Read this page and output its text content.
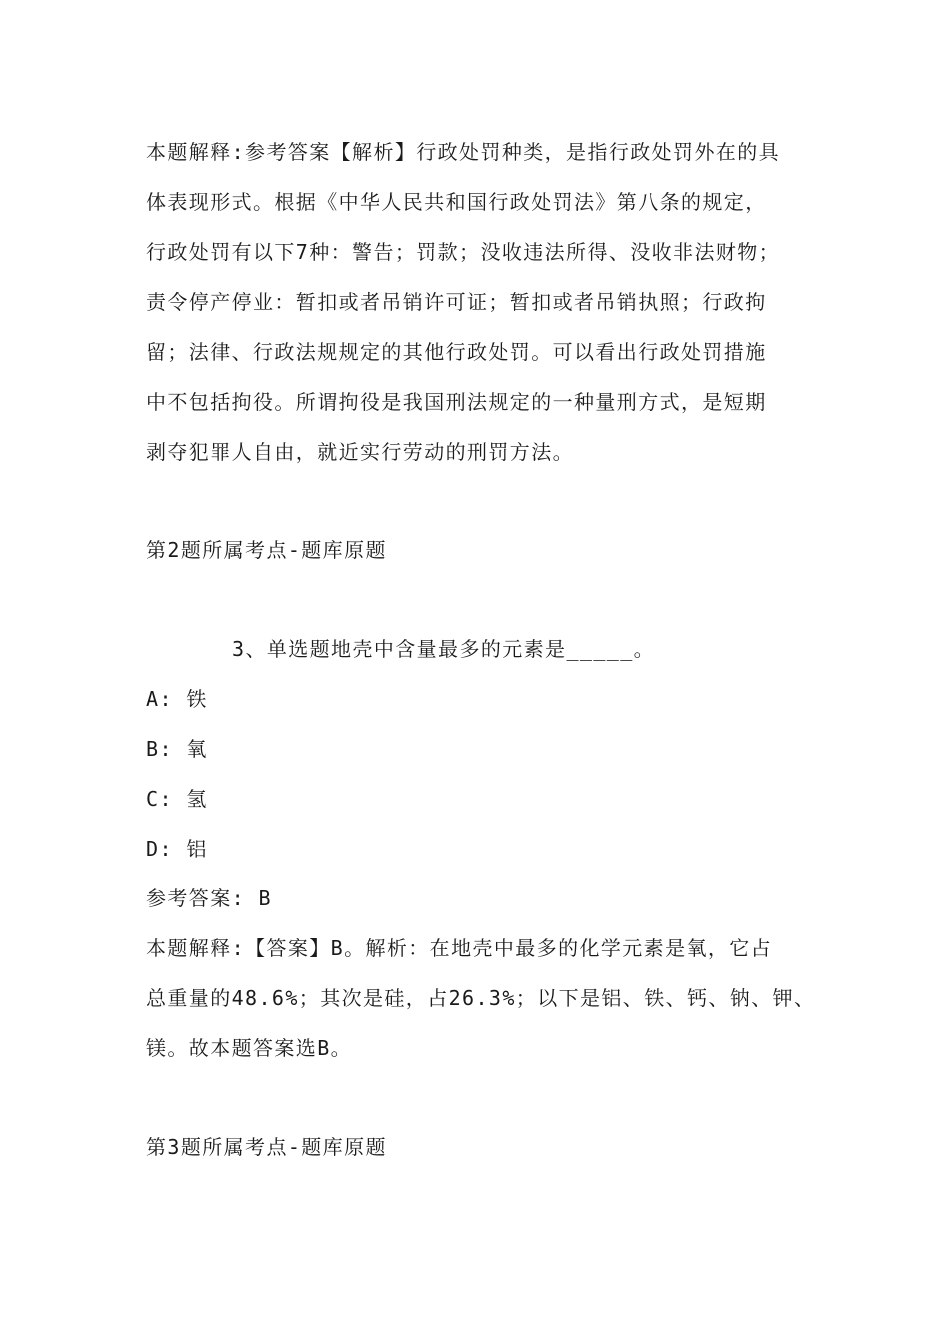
本题解释:参考答案【解析】行政处罚种类，是指行政处罚外在的具
体表现形式。根据《中华人民共和国行政处罚法》第八条的规定，
行政处罚有以下7种：警告；罚款；没收违法所得、没收非法财物；
责令停产停业：暂扣或者吊销许可证；暂扣或者吊销执照；行政拘
留；法律、行政法规规定的其他行政处罚。可以看出行政处罚措施
中不包括拘役。所谓拘役是我国刑法规定的一种量刑方式，是短期
剥夺犯罪人自由，就近实行劳动的刑罚方法。
第2题所属考点-题库原题
3、单选题地壳中含量最多的元素是_____。
A: 铁
B: 氧
C: 氢
D: 铝
参考答案: B
本题解释:【答案】B。解析：在地壳中最多的化学元素是氧，它占
总重量的48.6%；其次是硅，占26.3%；以下是铝、铁、钙、钠、钾、
镁。故本题答案选B。
第3题所属考点-题库原题
